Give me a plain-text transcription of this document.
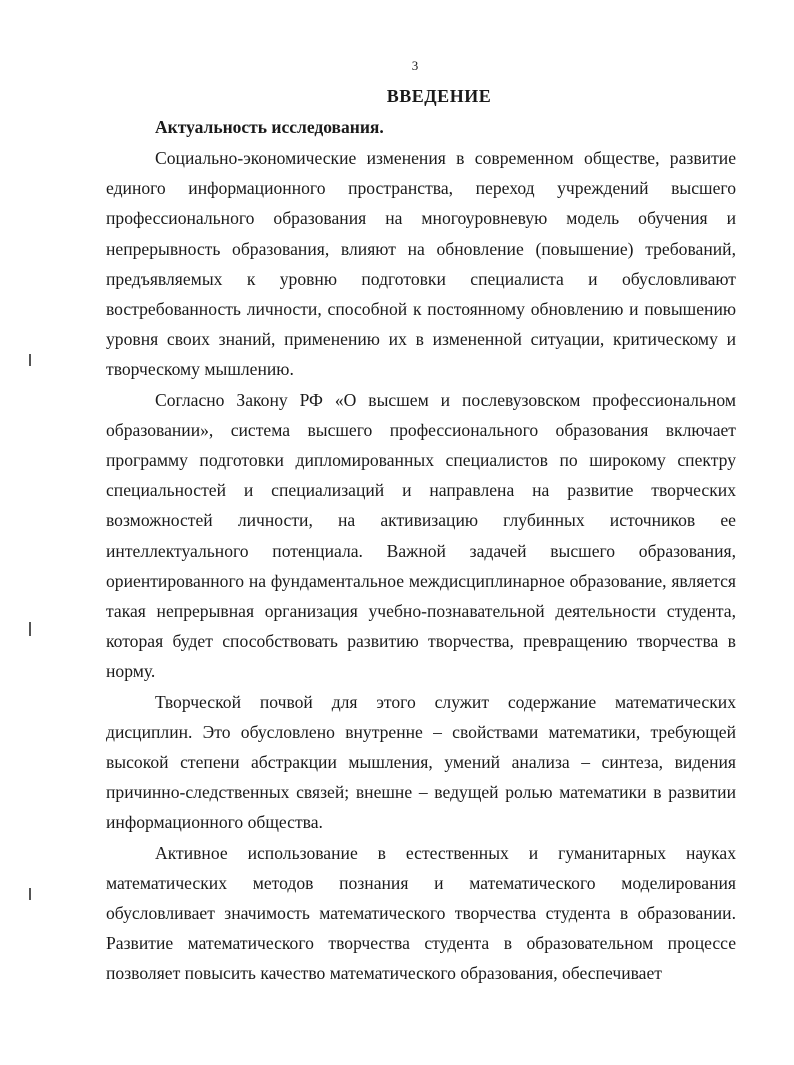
3
ВВЕДЕНИЕ
Актуальность исследования.

Социально-экономические изменения в современном обществе, развитие единого информационного пространства, переход учреждений высшего профессионального образования на многоуровневую модель обучения и непрерывность образования, влияют на обновление (повышение) требований, предъявляемых к уровню подготовки специалиста и обусловливают востребованность личности, способной к постоянному обновлению и повышению уровня своих знаний, применению их в измененной ситуации, критическому и творческому мышлению.

Согласно Закону РФ «О высшем и послевузовском профессиональном образовании», система высшего профессионального образования включает программу подготовки дипломированных специалистов по широкому спектру специальностей и специализаций и направлена на развитие творческих возможностей личности, на активизацию глубинных источников ее интеллектуального потенциала. Важной задачей высшего образования, ориентированного на фундаментальное междисциплинарное образование, является такая непрерывная организация учебно-познавательной деятельности студента, которая будет способствовать развитию творчества, превращению творчества в норму.

Творческой почвой для этого служит содержание математических дисциплин. Это обусловлено внутренне – свойствами математики, требующей высокой степени абстракции мышления, умений анализа – синтеза, видения причинно-следственных связей; внешне – ведущей ролью математики в развитии информационного общества.

Активное использование в естественных и гуманитарных науках математических методов познания и математического моделирования обусловливает значимость математического творчества студента в образовании. Развитие математического творчества студента в образовательном процессе позволяет повысить качество математического образования, обеспечивает
